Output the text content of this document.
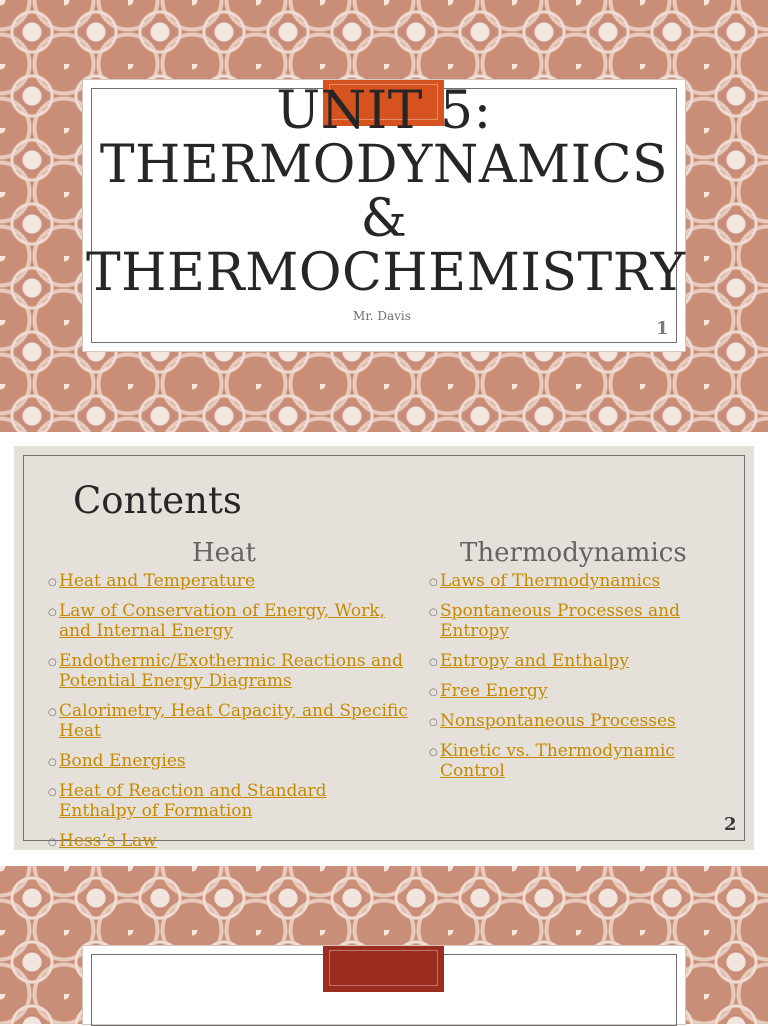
UNIT 5: THERMODYNAMICS & THERMOCHEMISTRY
Mr. Davis
1
Contents
Heat	Thermodynamics
○ Heat and Temperature
○ Law of Conservation of Energy, Work, and Internal Energy
○ Endothermic/Exothermic Reactions and Potential Energy Diagrams
○ Calorimetry, Heat Capacity, and Specific Heat
○ Bond Energies
○ Heat of Reaction and Standard Enthalpy of Formation
○ Hess’s Law
○ Laws of Thermodynamics
○ Spontaneous Processes and Entropy
○ Entropy and Enthalpy
○ Free Energy
○ Nonspontaneous Processes
○ Kinetic vs. Thermodynamic Control
2
